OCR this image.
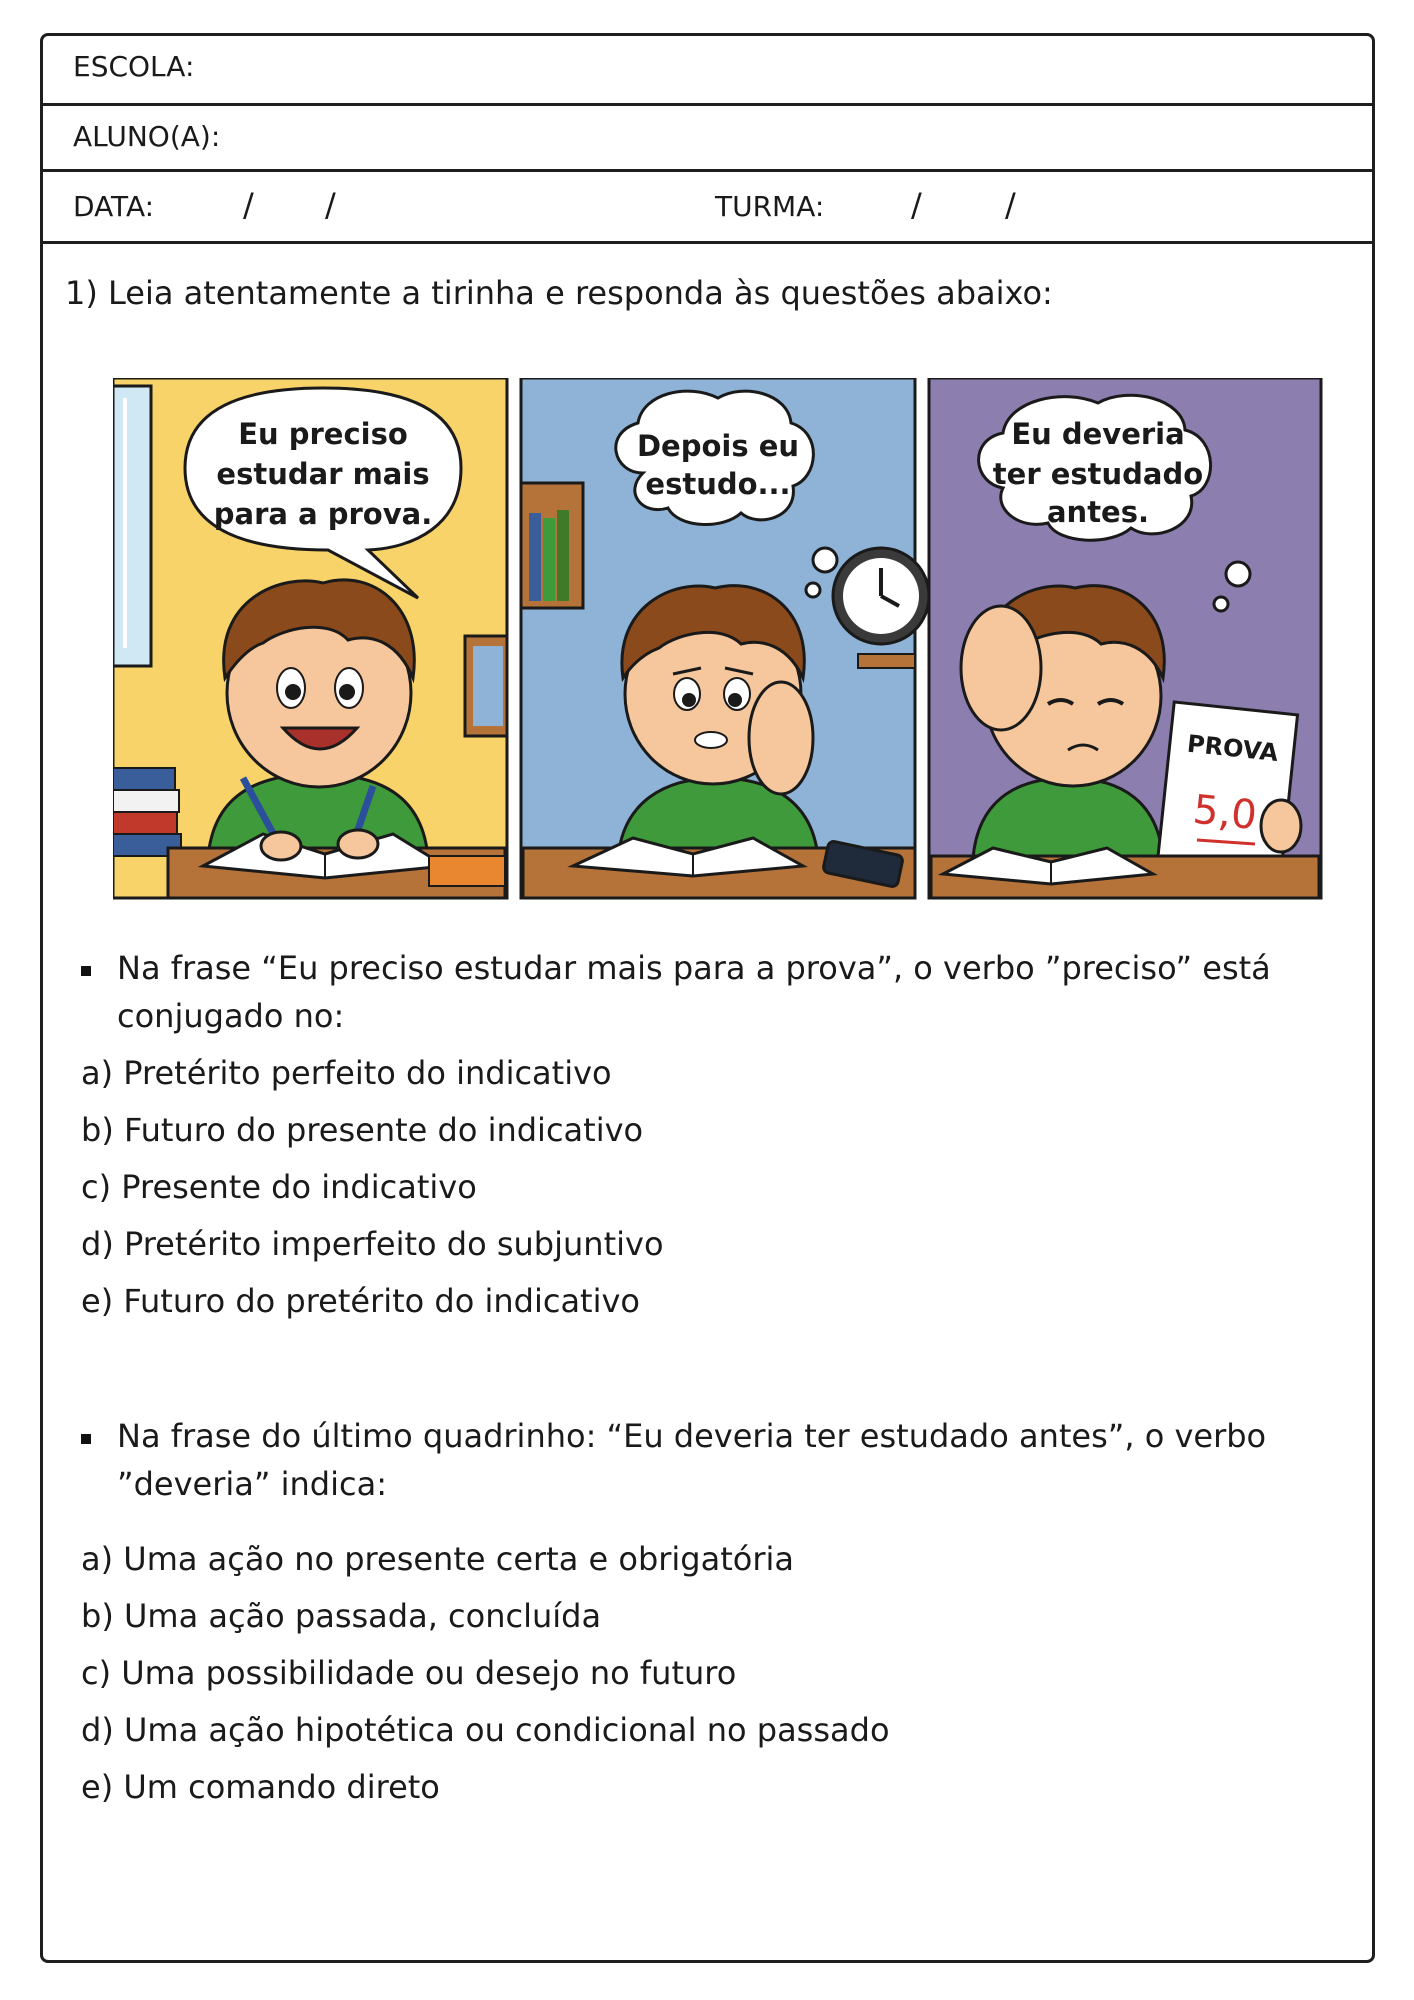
ESCOLA:
ALUNO(A):
DATA:	/ /	TURMA:	/	/
1) Leia atentamente a tirinha e responda às questões abaixo:
Eu preciso
estudar mais
para a prova.
Depois eu
estudo...
Eu deveria
ter estudado
antes.
PROVA
5,0
Na frase “Eu preciso estudar mais para a prova”, o verbo ”preciso” está conjugado no:
a) Pretérito perfeito do indicativo
b) Futuro do presente do indicativo
c) Presente do indicativo
d) Pretérito imperfeito do subjuntivo
e) Futuro do pretérito do indicativo
Na frase do último quadrinho: “Eu deveria ter estudado antes”, o verbo ”deveria” indica:
a) Uma ação no presente certa e obrigatória
b) Uma ação passada, concluída
c) Uma possibilidade ou desejo no futuro
d) Uma ação hipotética ou condicional no passado
e) Um comando direto
